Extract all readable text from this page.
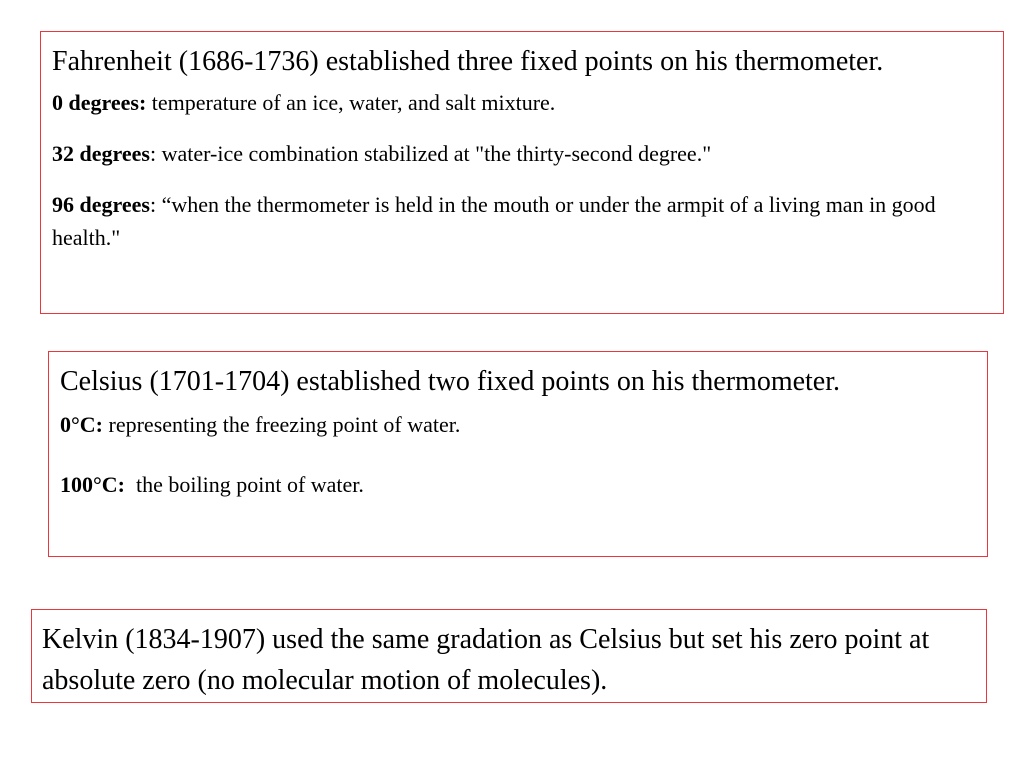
Fahrenheit (1686-1736) established three fixed points on his thermometer.

0 degrees: temperature of an ice, water, and salt mixture.

32 degrees: water-ice combination stabilized at "the thirty-second degree."

96 degrees: “when the thermometer is held in the mouth or under the armpit of a living man in good health."

Celsius (1701-1704) established two fixed points on his thermometer.

0°C: representing the freezing point of water.

100°C:  the boiling point of water.

Kelvin (1834-1907) used the same gradation as Celsius but set his zero point at absolute zero (no molecular motion of molecules).
